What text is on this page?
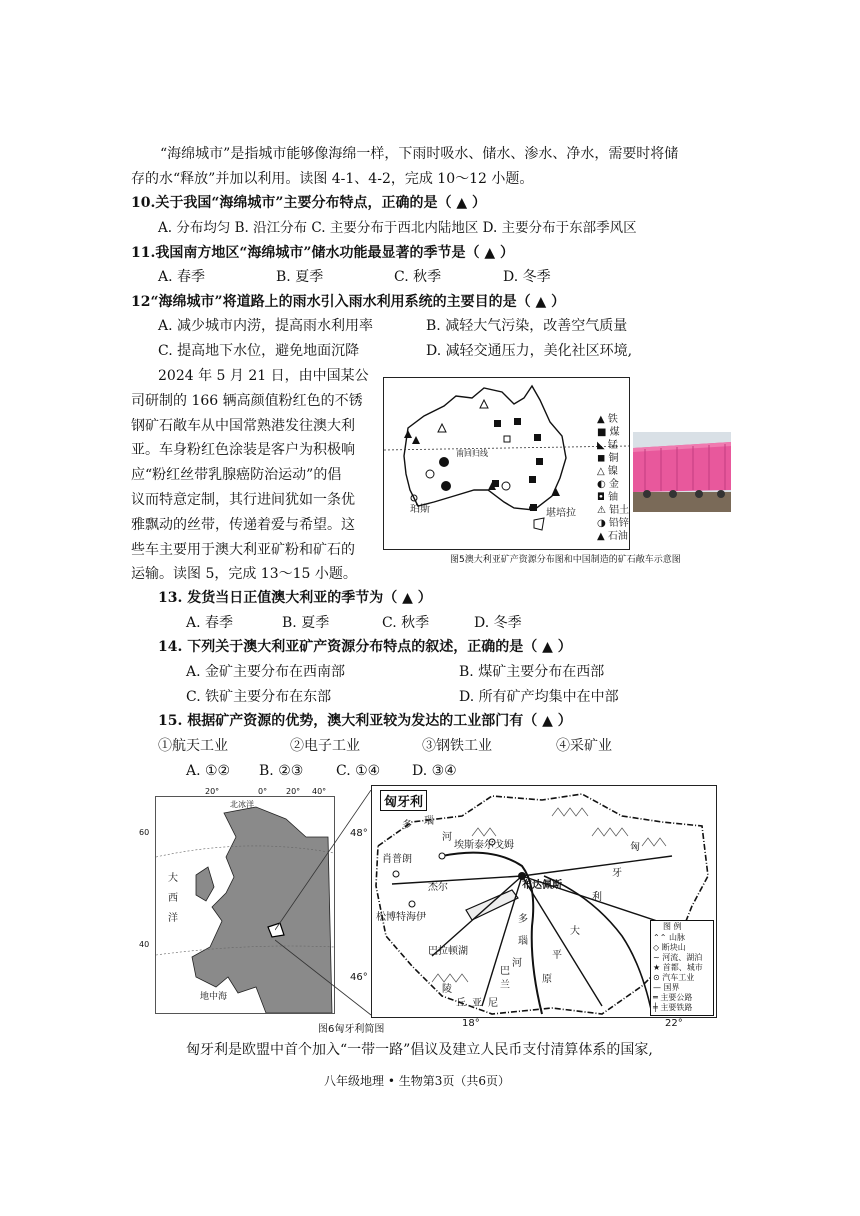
“海绵城市”是指城市能够像海绵一样，下雨时吸水、储水、渗水、净水，需要时将储
存的水“释放”并加以利用。读图 4-1、4-2，完成 10～12 小题。
10.关于我国“海绵城市”主要分布特点，正确的是（ ▲ ）
A. 分布均匀 B. 沿江分布 C. 主要分布于西北内陆地区 D. 主要分布于东部季风区
11.我国南方地区“海绵城市”储水功能最显著的季节是（ ▲ ）
A. 春季	B. 夏季	C. 秋季	D. 冬季
12“海绵城市”将道路上的雨水引入雨水利用系统的主要目的是（ ▲ ）
A. 减少城市内涝，提高雨水利用率	B. 减轻大气污染，改善空气质量
C. 提高地下水位，避免地面沉降	D. 减轻交通压力，美化社区环境,
2024 年 5 月 21 日，由中国某公
司研制的 166 辆高颜值粉红色的不锈
钢矿石敞车从中国常熟港发往澳大利
亚。车身粉红色涂装是客户为积极响
应“粉红丝带乳腺癌防治运动”的倡
议而特意定制，其行进间犹如一条优
雅飘动的丝带，传递着爱与希望。这
些车主要用于澳大利亚矿粉和矿石的
运输。读图 5，完成 13～15 小题。
南回归线
珀斯	堪培拉
▲ 铁
■ 煤
◣ 锰
◼ 铜
△ 镍
◐ 金
◘ 铀
⚠ 铝土
◑ 铅锌
▲ 石油
图5澳大利亚矿产资源分布图和中国制造的矿石敞车示意图
13. 发货当日正值澳大利亚的季节为（ ▲ ）
A. 春季	B. 夏季	C. 秋季	D. 冬季
14. 下列关于澳大利亚矿产资源分布特点的叙述，正确的是（ ▲ ）
A. 金矿主要分布在西南部	B. 煤矿主要分布在西部
C. 铁矿主要分布在东部	D. 所有矿产均集中在中部
15. 根据矿产资源的优势，澳大利亚较为发达的工业部门有（ ▲ ）
①航天工业	②电子工业	③钢铁工业	④采矿业
A. ①② B. ②③ C. ①④ D. ③④
北冰洋
大
西
洋
地中海
60
40
20°	0° 20° 40°
匈牙利
肖普朗
埃斯泰尔戈姆
杰尔	布达佩斯
松博特海伊
巴拉顿湖
多 瑙
河
多
瑙
河
匈
牙
利
大
平
原
陵
丘 亚 尼
兰
巴
图 例
⌃⌃ 山脉
◇ 断块山
~ 河流、湖泊
★ 首都、城市
⊙ 汽车工业
— 国界
═ 主要公路
╪ 主要铁路
48°
46°
18°	22°
图6匈牙利简图
匈牙利是欧盟中首个加入“一带一路”倡议及建立人民币支付清算体系的国家,
八年级地理 • 生物第3页（共6页）
